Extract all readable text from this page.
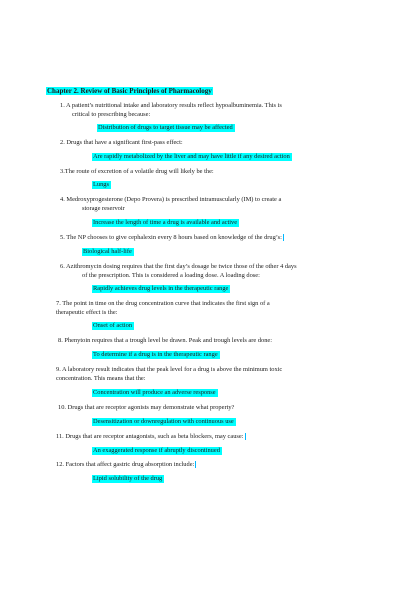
Chapter 2. Review of Basic Principles of Pharmacology
1. A patient’s nutritional intake and laboratory results reflect hypoalbuminemia. This is
critical to prescribing because:
Distribution of drugs to target tissue may be affected
2. Drugs that have a significant first-pass effect:
Are rapidly metabolized by the liver and may have little if any desired action
3.The route of excretion of a volatile drug will likely be the:
Lungs
4. Medroxyprogesterone (Depo Provera) is prescribed intramuscularly (IM) to create a
storage reservoir
Increase the length of time a drug is available and active
5. The NP chooses to give cephalexin every 8 hours based on knowledge of the drug’s:
Biological half-life
6. Azithromycin dosing requires that the first day’s dosage be twice those of the other 4 days
of the prescription. This is considered a loading dose. A loading dose:
Rapidly achieves drug levels in the therapeutic range
7. The point in time on the drug concentration curve that indicates the first sign of a
therapeutic effect is the:
Onset of action
8. Phenytoin requires that a trough level be drawn. Peak and trough levels are done:
To determine if a drug is in the therapeutic range
9. A laboratory result indicates that the peak level for a drug is above the minimum toxic
concentration. This means that the:
Concentration will produce an adverse response
10. Drugs that are receptor agonists may demonstrate what property?
Desensitization or downregulation with continuous use
11. Drugs that are receptor antagonists, such as beta blockers, may cause:
An exaggerated response if abruptly discontinued
12. Factors that affect gastric drug absorption include:
Lipid solubility of the drug
